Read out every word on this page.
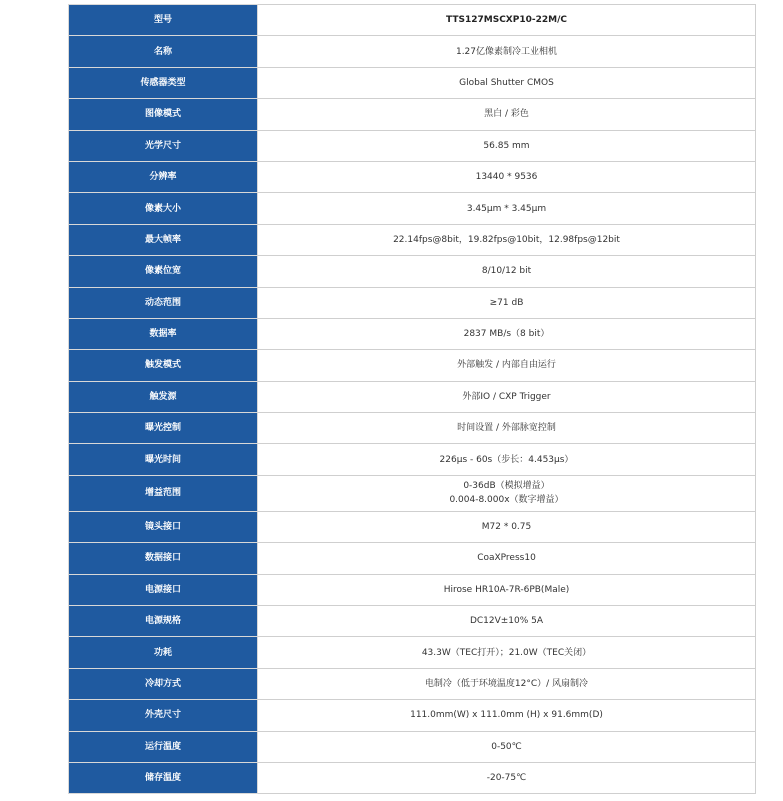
型号	TTS127MSCXP10-22M/C
名称	1.27亿像素制冷工业相机
传感器类型	Global Shutter CMOS
图像模式	黑白 / 彩色
光学尺寸	56.85 mm
分辨率	13440 * 9536
像素大小	3.45μm * 3.45μm
最大帧率	22.14fps@8bit，19.82fps@10bit，12.98fps@12bit
像素位宽	8/10/12 bit
动态范围	≥71 dB
数据率	2837 MB/s（8 bit）
触发模式	外部触发 / 内部自由运行
触发源	外部IO / CXP Trigger
曝光控制	时间设置 / 外部脉宽控制
曝光时间	226μs - 60s（步长：4.453μs）
增益范围	0-36dB（模拟增益）
0.004-8.000x（数字增益）

镜头接口	M72 * 0.75
数据接口	CoaXPress10
电源接口	Hirose HR10A-7R-6PB(Male)
电源规格	DC12V±10% 5A
功耗	43.3W（TEC打开）；21.0W（TEC关闭）
冷却方式	电制冷（低于环境温度12°C）/ 风扇制冷
外壳尺寸	111.0mm(W) x 111.0mm (H) x 91.6mm(D)
运行温度	0-50℃
储存温度	-20-75℃
